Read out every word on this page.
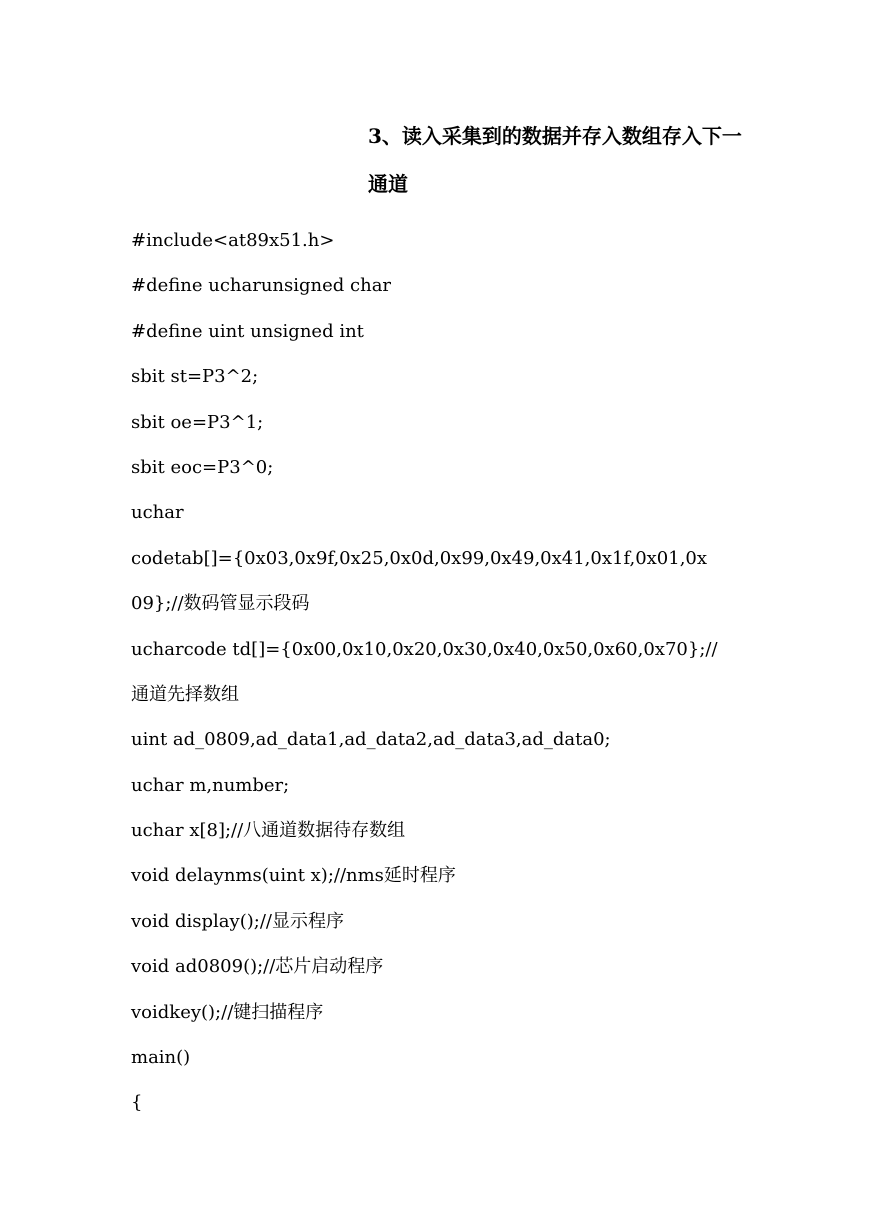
3、读入采集到的数据并存入数组存入下一
通道
#include<at89x51.h>
#define ucharunsigned char
#define uint unsigned int
sbit st=P3^2;
sbit oe=P3^1;
sbit eoc=P3^0;
uchar
codetab[]={0x03,0x9f,0x25,0x0d,0x99,0x49,0x41,0x1f,0x01,0x
09};//数码管显示段码
ucharcode td[]={0x00,0x10,0x20,0x30,0x40,0x50,0x60,0x70};//
通道先择数组
uint ad_0809,ad_data1,ad_data2,ad_data3,ad_data0;
uchar m,number;
uchar x[8];//八通道数据待存数组
void delaynms(uint x);//nms延时程序
void display();//显示程序
void ad0809();//芯片启动程序
voidkey();//键扫描程序
main()
{
